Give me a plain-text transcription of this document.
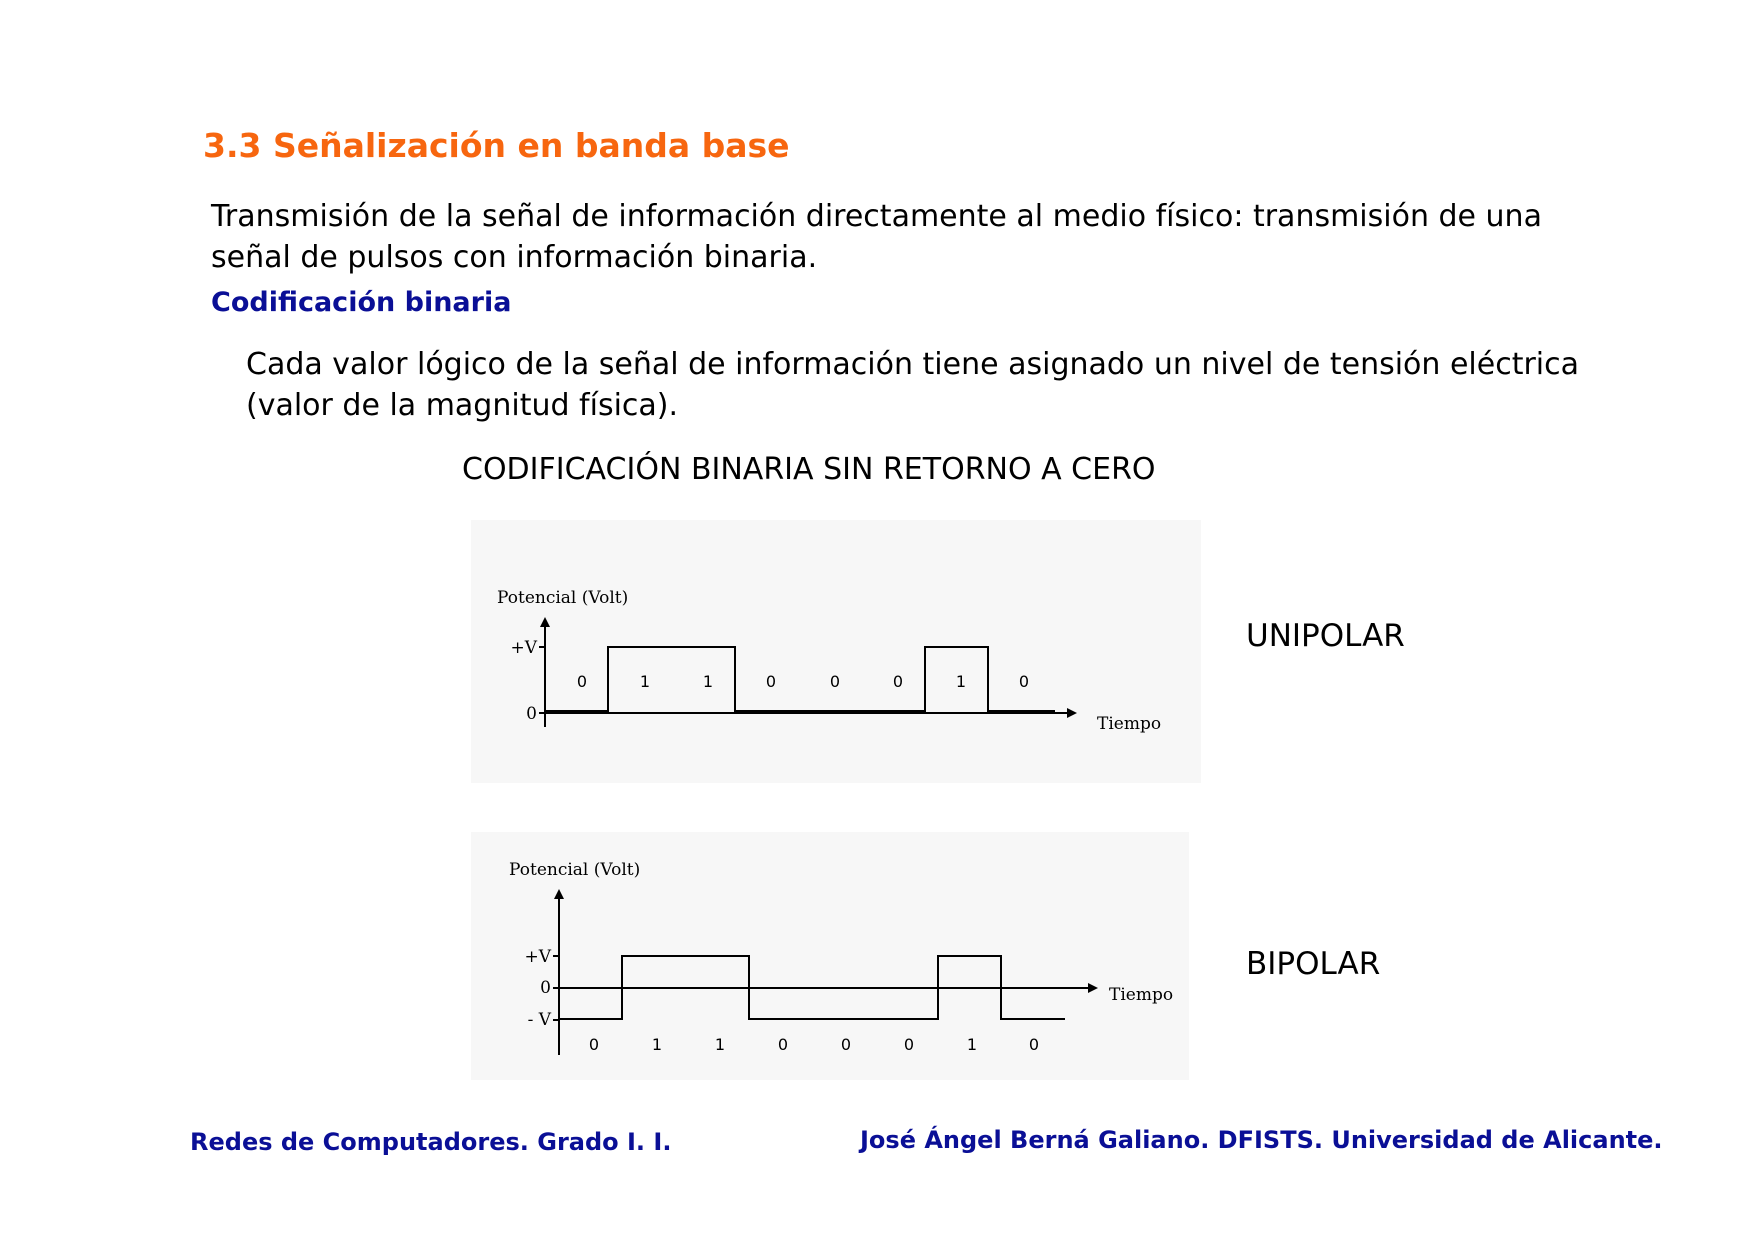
3.3 Señalización en banda base
Transmisión de la señal de información directamente al medio físico: transmisión de una señal de pulsos con información binaria.
Codificación binaria
Cada valor lógico de la señal de información tiene asignado un nivel de tensión eléctrica (valor de la magnitud física).
CODIFICACIÓN BINARIA SIN RETORNO A CERO
Potencial (Volt)
+V
0	Tiempo
0	1	1	0	0	0	1	0
UNIPOLAR
Potencial (Volt)
+V
0
- V
Tiempo
0	1	1	0	0	0	1	0
BIPOLAR
Redes de Computadores. Grado I. I.	José Ángel Berná Galiano. DFISTS. Universidad de Alicante.
